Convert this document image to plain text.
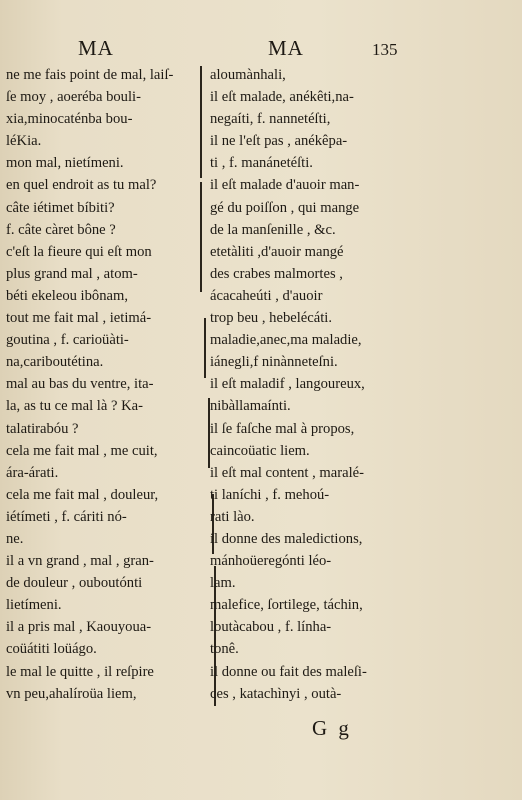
MA	MA	135
ne me fais point de mal, laiſ-
ſe moy , aoeréba bouli-
xia,minocaténba bou-
léKia.
mon mal, nietímeni.
en quel endroit as tu mal?
câte iétimet bíbiti?
f. câte càret bône ?
c'eſt la fieure qui eſt mon
plus grand mal , atom-
béti ekeleou ibônam,
tout me fait mal , ietimá-
goutina , f. carioüàti-
na,cariboutétina.
mal au bas du ventre, ita-
la, as tu ce mal là ? Ka-
talatirabóu ?
cela me fait mal , me cuit,
ára-árati.
cela me fait mal , douleur,
iétímeti , f. cáriti nó-
ne.
il a vn grand , mal , gran-
de douleur , ouboutónti
lietímeni.
il a pris mal , Kaouyoua-
coüátiti loüágo.
le mal le quitte , il reſpire
vn peu,ahalíroüa liem,
aloumànhali,
il eſt malade, anékêti,na-
negaíti, f. nannetéſti,
il ne l'eſt pas , anékêpa-
ti , f. manánetéſti.
il eſt malade d'auoir man-
gé du poiſſon , qui mange
de la manſenille , &c.
etetàliti ,d'auoir mangé
des crabes malmortes ,
ácacaheúti , d'auoir
trop beu , hebelécáti.
maladie,anec,ma maladie,
iánegli,f ninànneteſni.
il eſt maladif , langoureux,
nibàllamaínti.
il ſe faſche mal à propos,
caincoüatic liem.
il eſt mal content , maralé-
ti laníchi , f. mehoú-
rati lào.
il donne des maledictions,
mánhoüeregónti léo-
lam.
malefice, ſortilege, táchin,
loutàcabou , f. línha-
tonê.
il donne ou fait des maleſi-
ces , katachìnyi , outà-
G g
